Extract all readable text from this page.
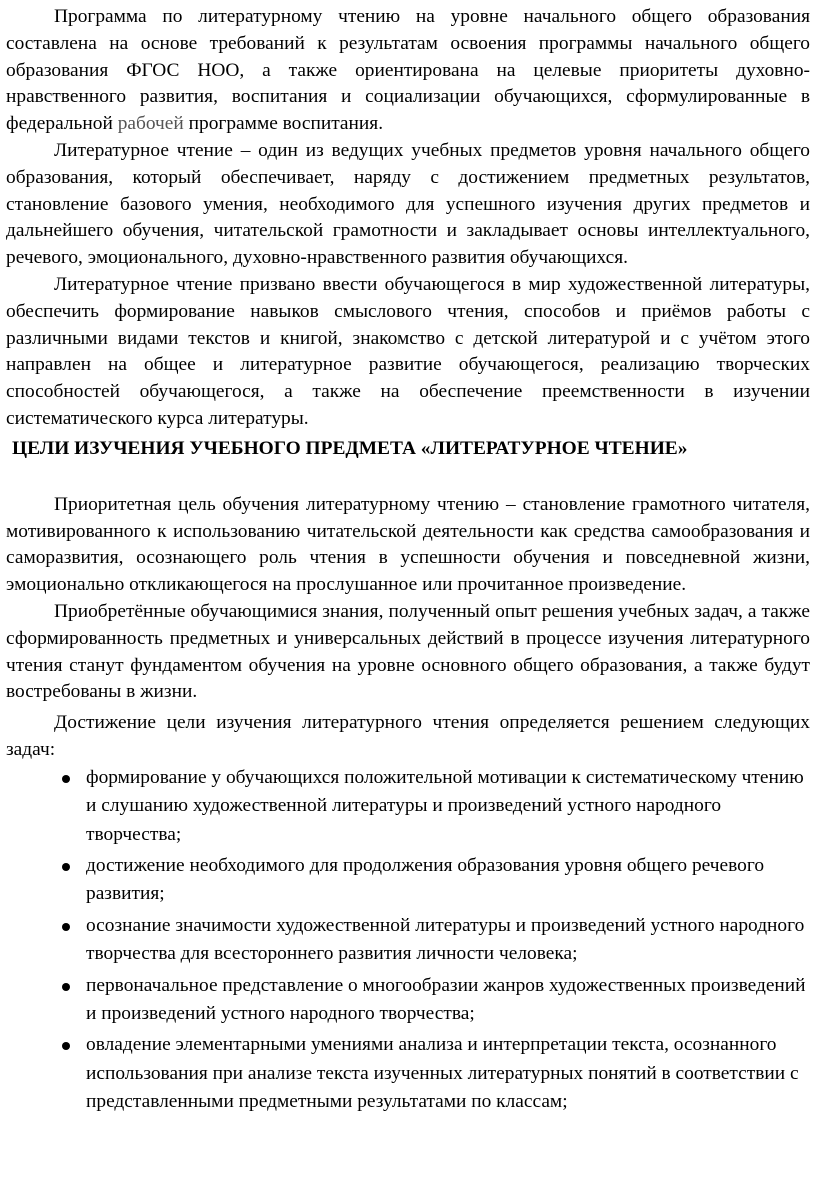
Программа по литературному чтению на уровне начального общего образования составлена на основе требований к результатам освоения программы начального общего образования ФГОС НОО, а также ориентирована на целевые приоритеты духовно-нравственного развития, воспитания и социализации обучающихся, сформулированные в федеральной рабочей программе воспитания.

Литературное чтение – один из ведущих учебных предметов уровня начального общего образования, который обеспечивает, наряду с достижением предметных результатов, становление базового умения, необходимого для успешного изучения других предметов и дальнейшего обучения, читательской грамотности и закладывает основы интеллектуального, речевого, эмоционального, духовно-нравственного развития обучающихся.

Литературное чтение призвано ввести обучающегося в мир художественной литературы, обеспечить формирование навыков смыслового чтения, способов и приёмов работы с различными видами текстов и книгой, знакомство с детской литературой и с учётом этого направлен на общее и литературное развитие обучающегося, реализацию творческих способностей обучающегося, а также на обеспечение преемственности в изучении систематического курса литературы.

ЦЕЛИ ИЗУЧЕНИЯ УЧЕБНОГО ПРЕДМЕТА «ЛИТЕРАТУРНОЕ ЧТЕНИЕ»

Приоритетная цель обучения литературному чтению – становление грамотного читателя, мотивированного к использованию читательской деятельности как средства самообразования и саморазвития, осознающего роль чтения в успешности обучения и повседневной жизни, эмоционально откликающегося на прослушанное или прочитанное произведение.

Приобретённые обучающимися знания, полученный опыт решения учебных задач, а также сформированность предметных и универсальных действий в процессе изучения литературного чтения станут фундаментом обучения на уровне основного общего образования, а также будут востребованы в жизни.

Достижение цели изучения литературного чтения определяется решением следующих задач:

формирование у обучающихся положительной мотивации к систематическому чтению и слушанию художественной литературы и произведений устного народного творчества;
достижение необходимого для продолжения образования уровня общего речевого развития;
осознание значимости художественной литературы и произведений устного народного творчества для всестороннего развития личности человека;
первоначальное представление о многообразии жанров художественных произведений и произведений устного народного творчества;
овладение элементарными умениями анализа и интерпретации текста, осознанного использования при анализе текста изученных литературных понятий в соответствии с представленными предметными результатами по классам;
